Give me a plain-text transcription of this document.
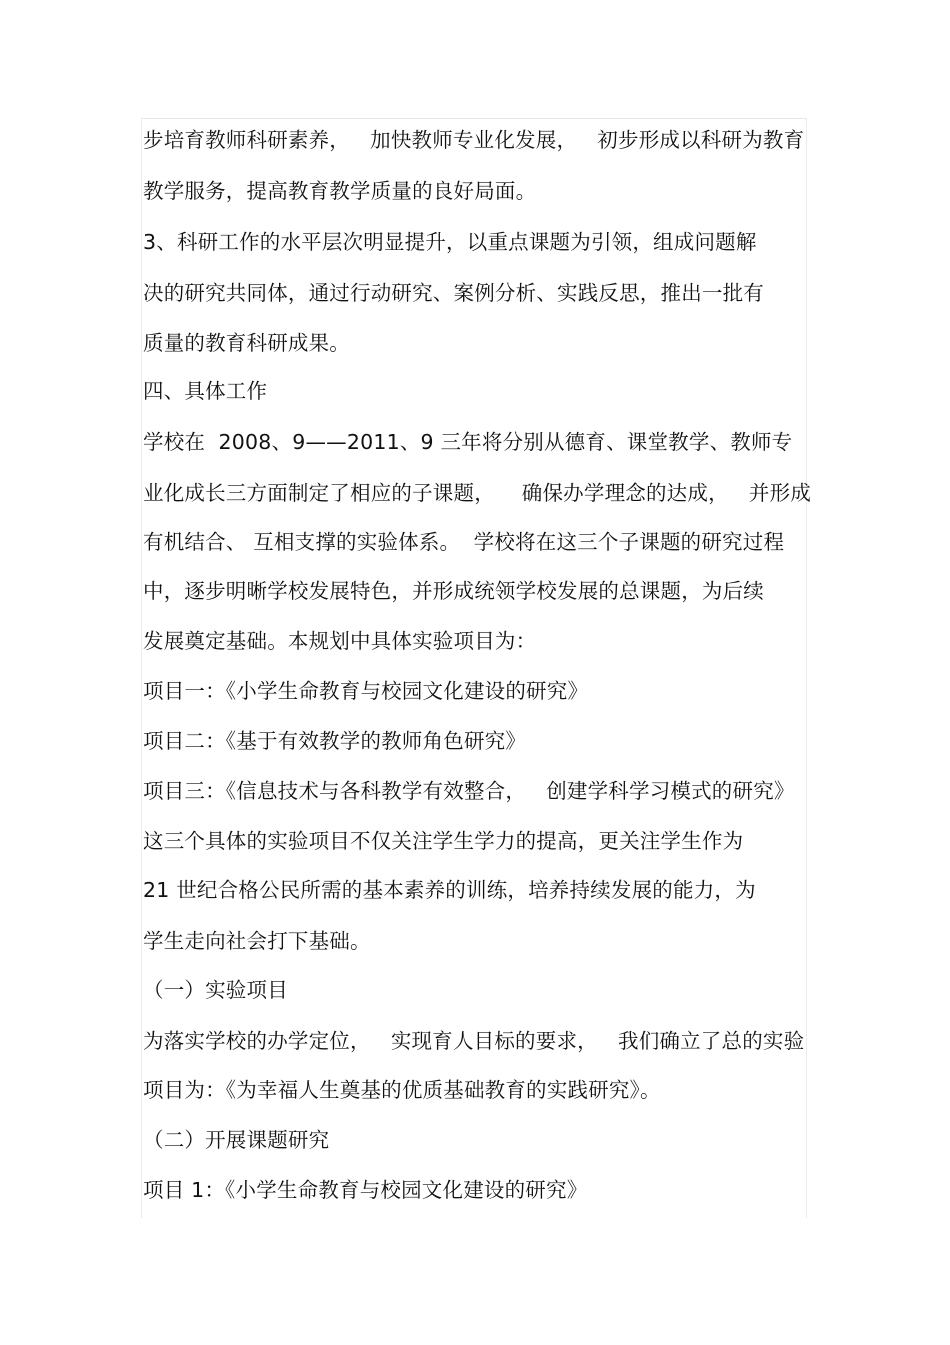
步培育教师科研素养，   加快教师专业化发展，   初步形成以科研为教育
教学服务，提高教育教学质量的良好局面。
3、科研工作的水平层次明显提升，以重点课题为引领，组成问题解
决的研究共同体，通过行动研究、案例分析、实践反思，推出一批有
质量的教育科研成果。
四、具体工作
学校在  2008、9——2011、9 三年将分别从德育、课堂教学、教师专
业化成长三方面制定了相应的子课题，    确保办学理念的达成，   并形成
有机结合、 互相支撑的实验体系。  学校将在这三个子课题的研究过程
中，逐步明晰学校发展特色，并形成统领学校发展的总课题，为后续
发展奠定基础。本规划中具体实验项目为：
项目一：《小学生命教育与校园文化建设的研究》
项目二：《基于有效教学的教师角色研究》
项目三：《信息技术与各科教学有效整合，   创建学科学习模式的研究》
这三个具体的实验项目不仅关注学生学力的提高，更关注学生作为
21 世纪合格公民所需的基本素养的训练，培养持续发展的能力，为
学生走向社会打下基础。
（一）实验项目
为落实学校的办学定位，   实现育人目标的要求，   我们确立了总的实验
项目为：《为幸福人生奠基的优质基础教育的实践研究》。
（二）开展课题研究
项目 1：《小学生命教育与校园文化建设的研究》
